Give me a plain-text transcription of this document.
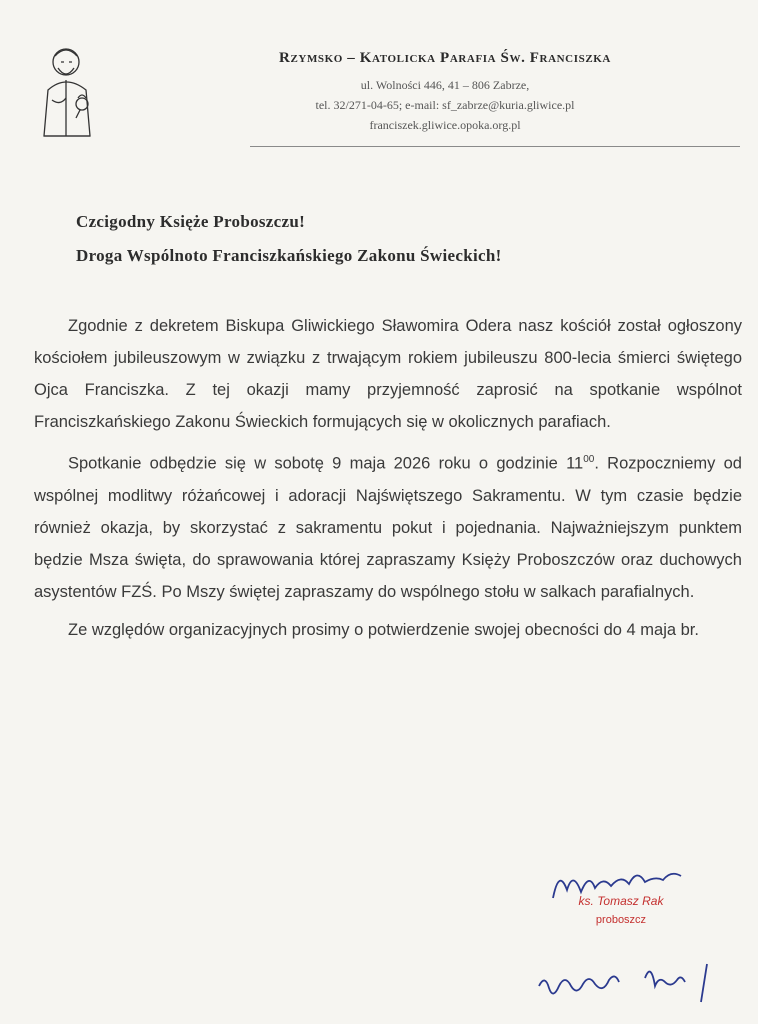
Rzymsko – Katolicka Parafia Św. Franciszka
ul. Wolności 446, 41 – 806 Zabrze,
tel. 32/271-04-65; e-mail: sf_zabrze@kuria.gliwice.pl
franciszek.gliwice.opoka.org.pl
Czcigodny Księże Proboszczu!
Droga Wspólnoto Franciszkańskiego Zakonu Świeckich!

Zgodnie z dekretem Biskupa Gliwickiego Sławomira Odera nasz kościół został ogłoszony kościołem jubileuszowym w związku z trwającym rokiem jubileuszu 800-lecia śmierci świętego Ojca Franciszka. Z tej okazji mamy przyjemność zaprosić na spotkanie wspólnot Franciszkańskiego Zakonu Świeckich formujących się w okolicznych parafiach.

Spotkanie odbędzie się w sobotę 9 maja 2026 roku o godzinie $11^{00}$. Rozpoczniemy od wspólnej modlitwy różańcowej i adoracji Najświętszego Sakramentu. W tym czasie będzie również okazja, by skorzystać z sakramentu pokut i pojednania. Najważniejszym punktem będzie Msza święta, do sprawowania której zapraszamy Księży Proboszczów oraz duchowych asystentów FZŚ. Po Mszy świętej zapraszamy do wspólnego stołu w salkach parafialnych.

Ze względów organizacyjnych prosimy o potwierdzenie swojej obecności do 4 maja br.

ks. Tomasz Rak
proboszcz
